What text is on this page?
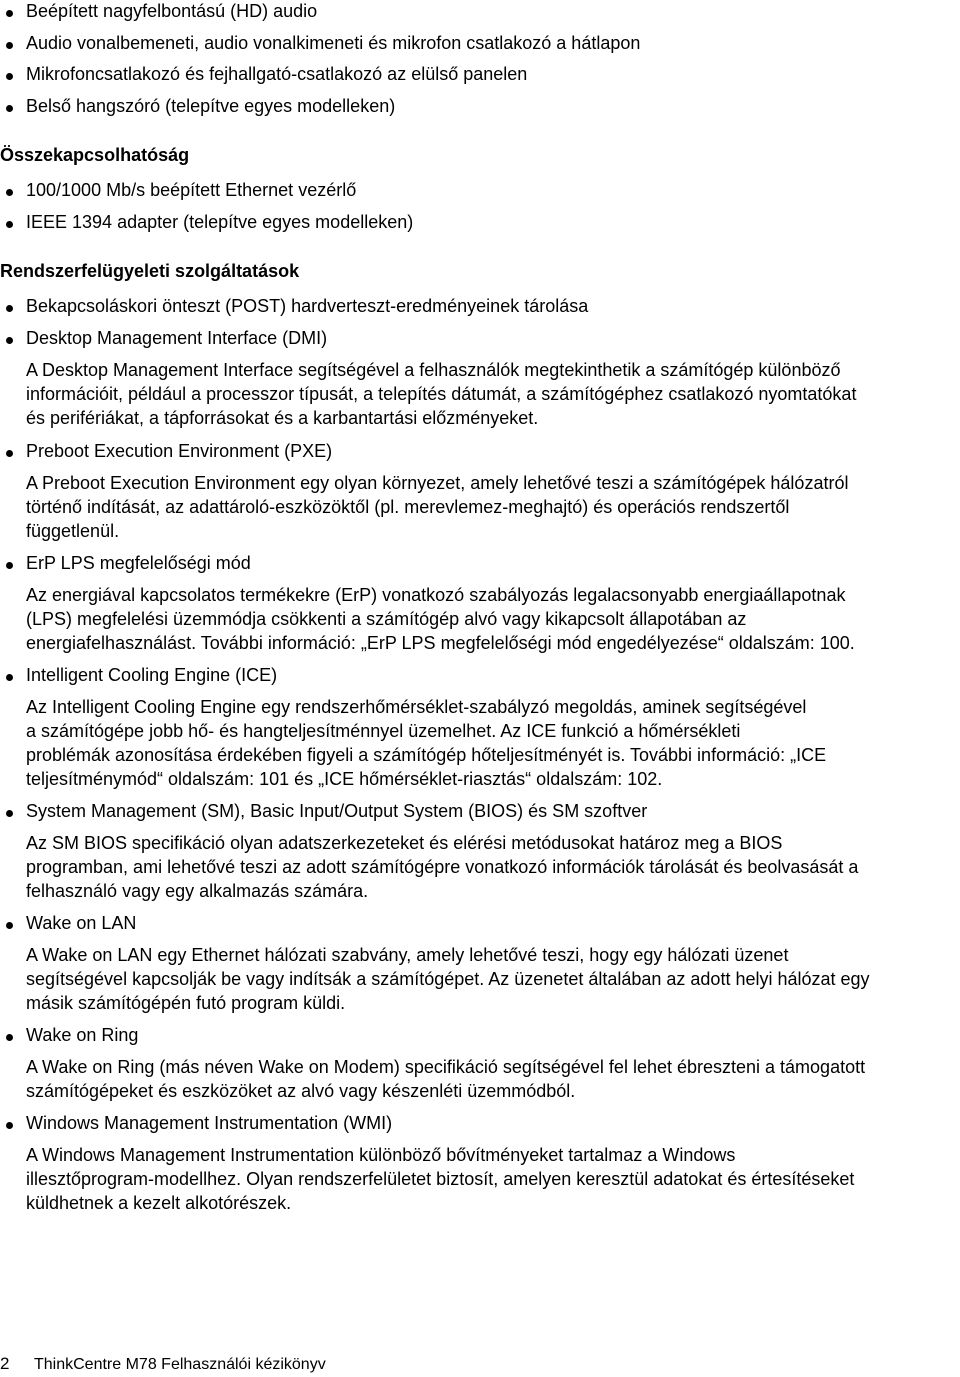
Beépített nagyfelbontású (HD) audio
Audio vonalbemeneti, audio vonalkimeneti és mikrofon csatlakozó a hátlapon
Mikrofoncsatlakozó és fejhallgató-csatlakozó az elülső panelen
Belső hangszóró (telepítve egyes modelleken)
Összekapcsolhatóság
100/1000 Mb/s beépített Ethernet vezérlő
IEEE 1394 adapter (telepítve egyes modelleken)
Rendszerfelügyeleti szolgáltatások
Bekapcsoláskori önteszt (POST) hardverteszt-eredményeinek tárolása
Desktop Management Interface (DMI)
A Desktop Management Interface segítségével a felhasználók megtekinthetik a számítógép különböző
információit, például a processzor típusát, a telepítés dátumát, a számítógéphez csatlakozó nyomtatókat
és perifériákat, a tápforrásokat és a karbantartási előzményeket.
Preboot Execution Environment (PXE)
A Preboot Execution Environment egy olyan környezet, amely lehetővé teszi a számítógépek hálózatról
történő indítását, az adattároló-eszközöktől (pl. merevlemez-meghajtó) és operációs rendszertől
függetlenül.
ErP LPS megfelelőségi mód
Az energiával kapcsolatos termékekre (ErP) vonatkozó szabályozás legalacsonyabb energiaállapotnak
(LPS) megfelelési üzemmódja csökkenti a számítógép alvó vagy kikapcsolt állapotában az
energiafelhasználást. További információ: „ErP LPS megfelelőségi mód engedélyezése“ oldalszám: 100.
Intelligent Cooling Engine (ICE)
Az Intelligent Cooling Engine egy rendszerhőmérséklet-szabályzó megoldás, aminek segítségével
a számítógépe jobb hő- és hangteljesítménnyel üzemelhet. Az ICE funkció a hőmérsékleti
problémák azonosítása érdekében figyeli a számítógép hőteljesítményét is. További információ: „ICE
teljesítménymód“ oldalszám: 101 és „ICE hőmérséklet-riasztás“ oldalszám: 102.
System Management (SM), Basic Input/Output System (BIOS) és SM szoftver
Az SM BIOS specifikáció olyan adatszerkezeteket és elérési metódusokat határoz meg a BIOS
programban, ami lehetővé teszi az adott számítógépre vonatkozó információk tárolását és beolvasását a
felhasználó vagy egy alkalmazás számára.
Wake on LAN
A Wake on LAN egy Ethernet hálózati szabvány, amely lehetővé teszi, hogy egy hálózati üzenet
segítségével kapcsolják be vagy indítsák a számítógépet. Az üzenetet általában az adott helyi hálózat egy
másik számítógépén futó program küldi.
Wake on Ring
A Wake on Ring (más néven Wake on Modem) specifikáció segítségével fel lehet ébreszteni a támogatott
számítógépeket és eszközöket az alvó vagy készenléti üzemmódból.
Windows Management Instrumentation (WMI)
A Windows Management Instrumentation különböző bővítményeket tartalmaz a Windows
illesztőprogram-modellhez. Olyan rendszerfelületet biztosít, amelyen keresztül adatokat és értesítéseket
küldhetnek a kezelt alkotórészek.
2 ThinkCentre M78 Felhasználói kézikönyv
